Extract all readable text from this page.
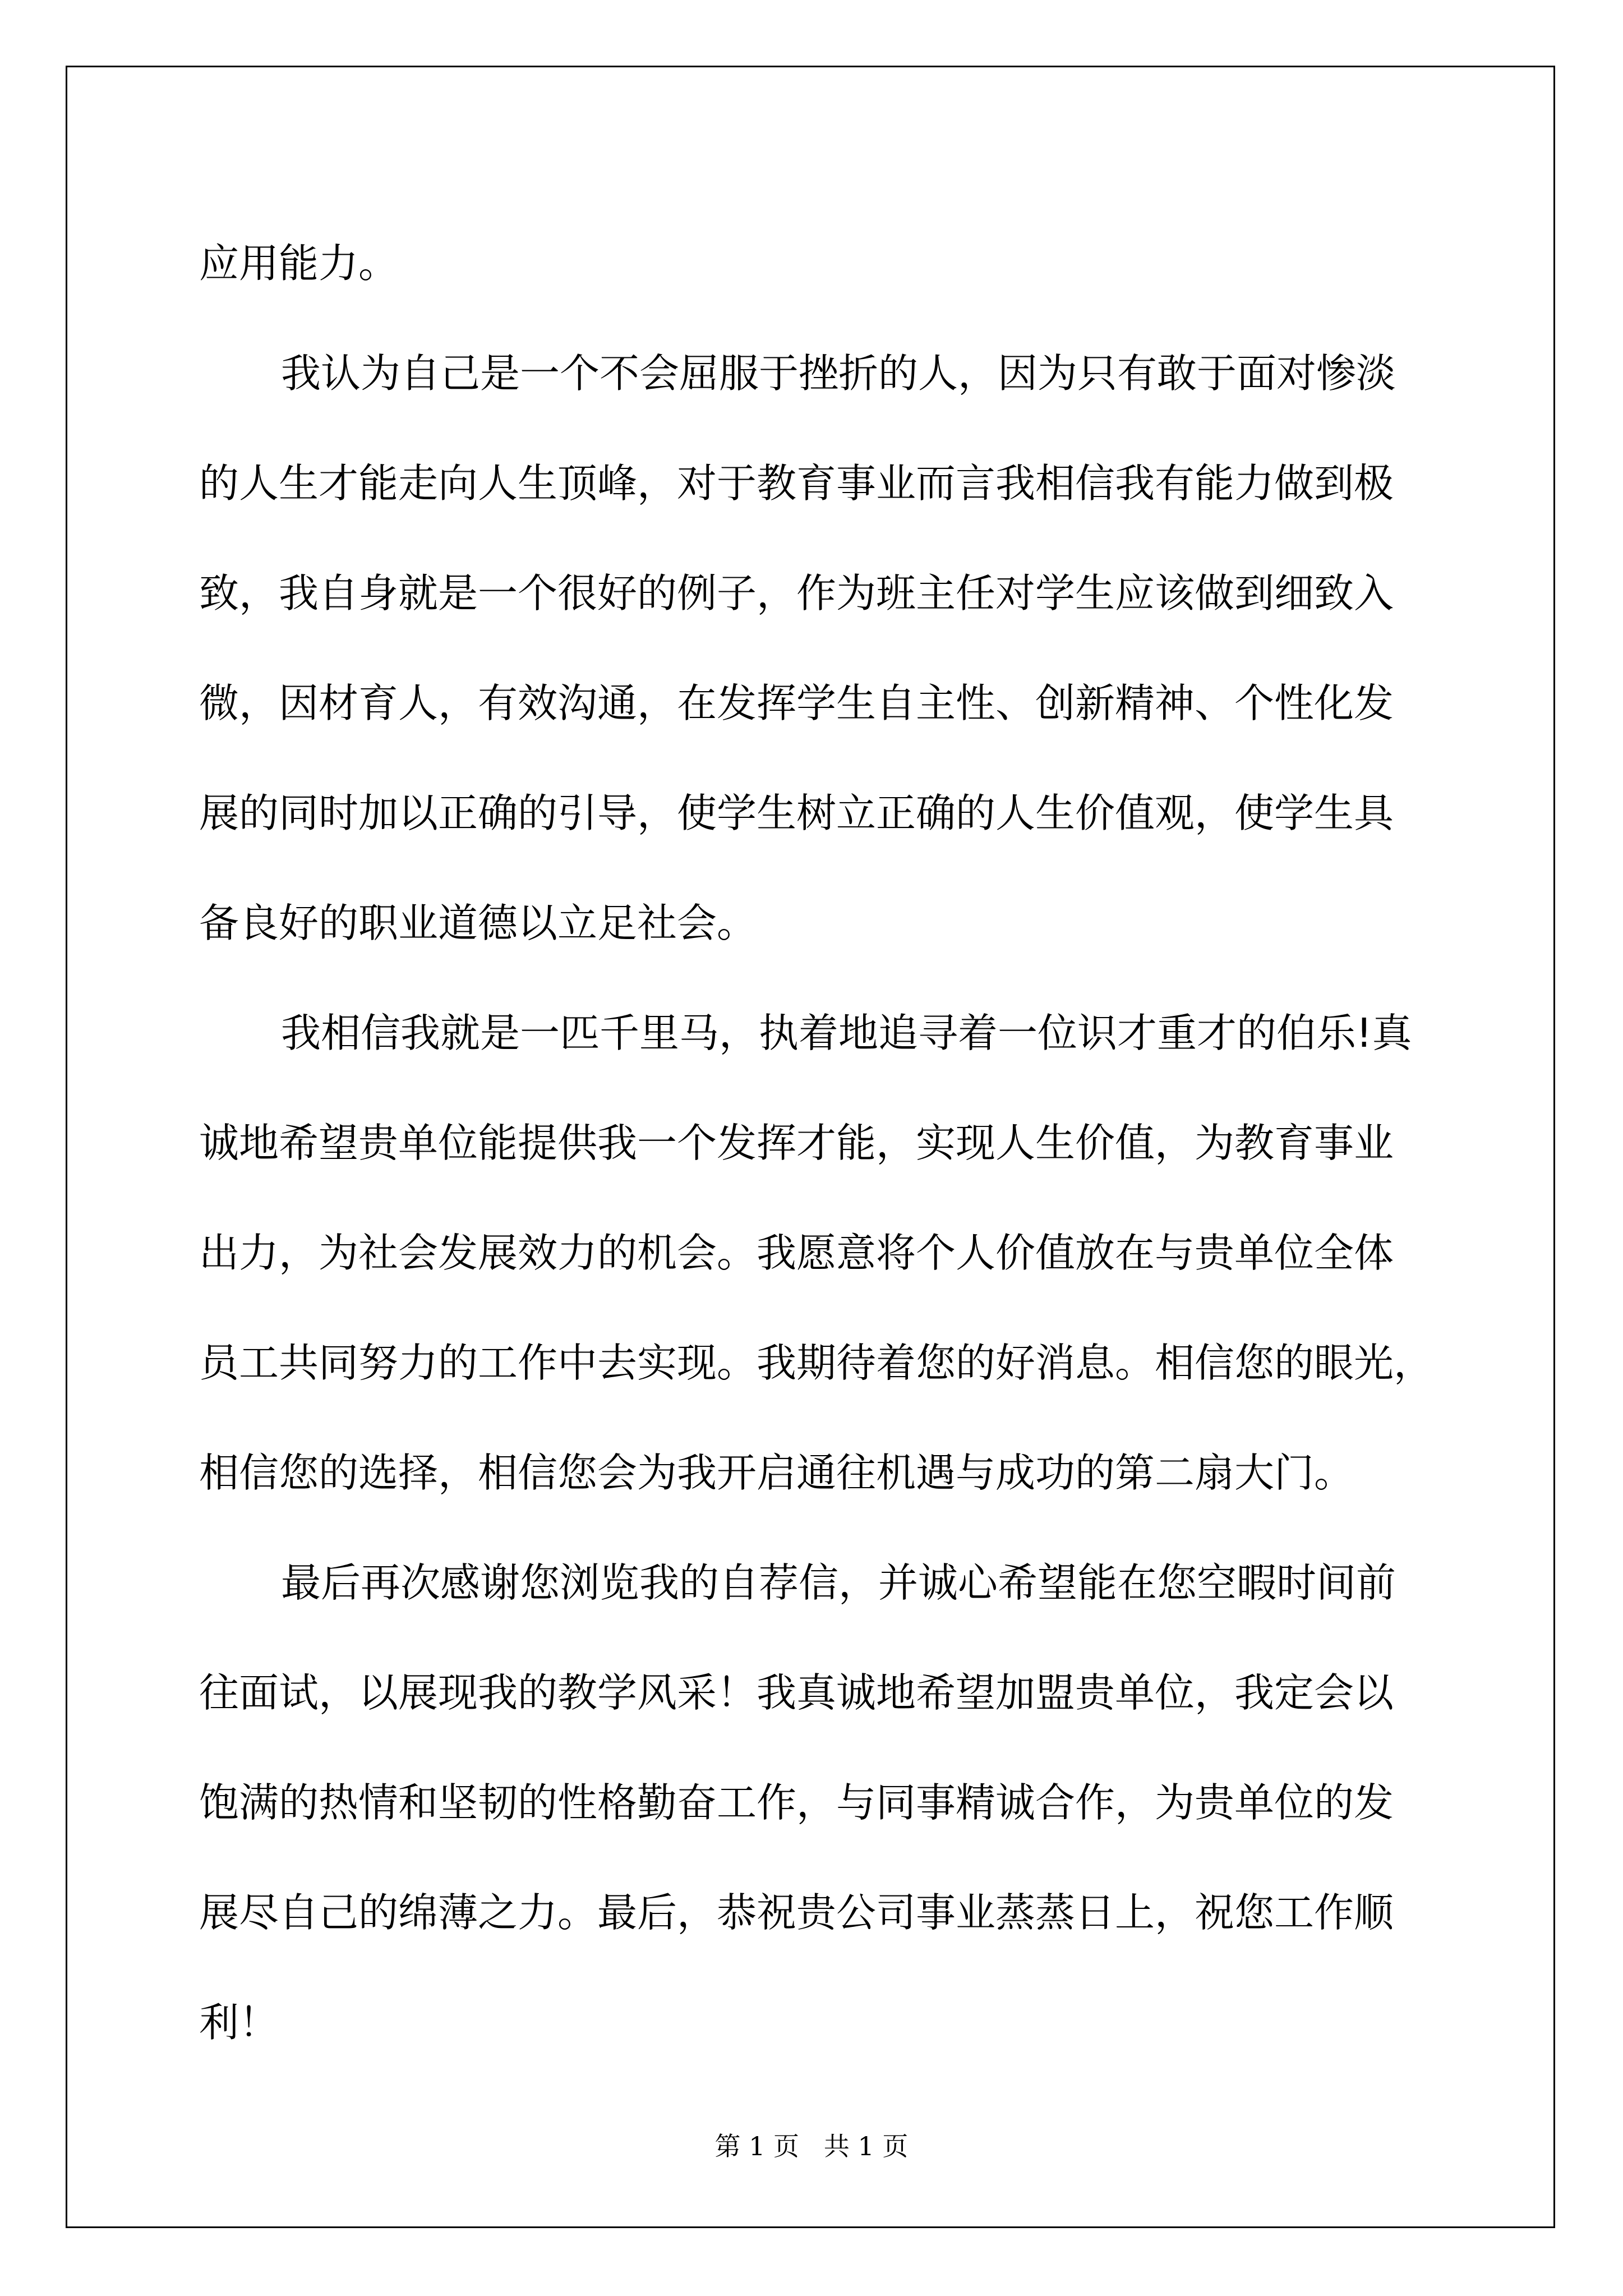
应用能力。

我认为自己是一个不会屈服于挫折的人，因为只有敢于面对惨淡

的人生才能走向人生顶峰，对于教育事业而言我相信我有能力做到极

致，我自身就是一个很好的例子，作为班主任对学生应该做到细致入

微，因材育人，有效沟通，在发挥学生自主性、创新精神、个性化发

展的同时加以正确的引导，使学生树立正确的人生价值观，使学生具

备良好的职业道德以立足社会。

我相信我就是一匹千里马，执着地追寻着一位识才重才的伯乐!真

诚地希望贵单位能提供我一个发挥才能，实现人生价值，为教育事业

出力，为社会发展效力的机会。我愿意将个人价值放在与贵单位全体

员工共同努力的工作中去实现。我期待着您的好消息。相信您的眼光，

相信您的选择，相信您会为我开启通往机遇与成功的第二扇大门。

最后再次感谢您浏览我的自荐信，并诚心希望能在您空暇时间前

往面试，以展现我的教学风采！我真诚地希望加盟贵单位，我定会以

饱满的热情和坚韧的性格勤奋工作，与同事精诚合作，为贵单位的发

展尽自己的绵薄之力。最后，恭祝贵公司事业蒸蒸日上，祝您工作顺

利！

第 1 页   共 1 页
